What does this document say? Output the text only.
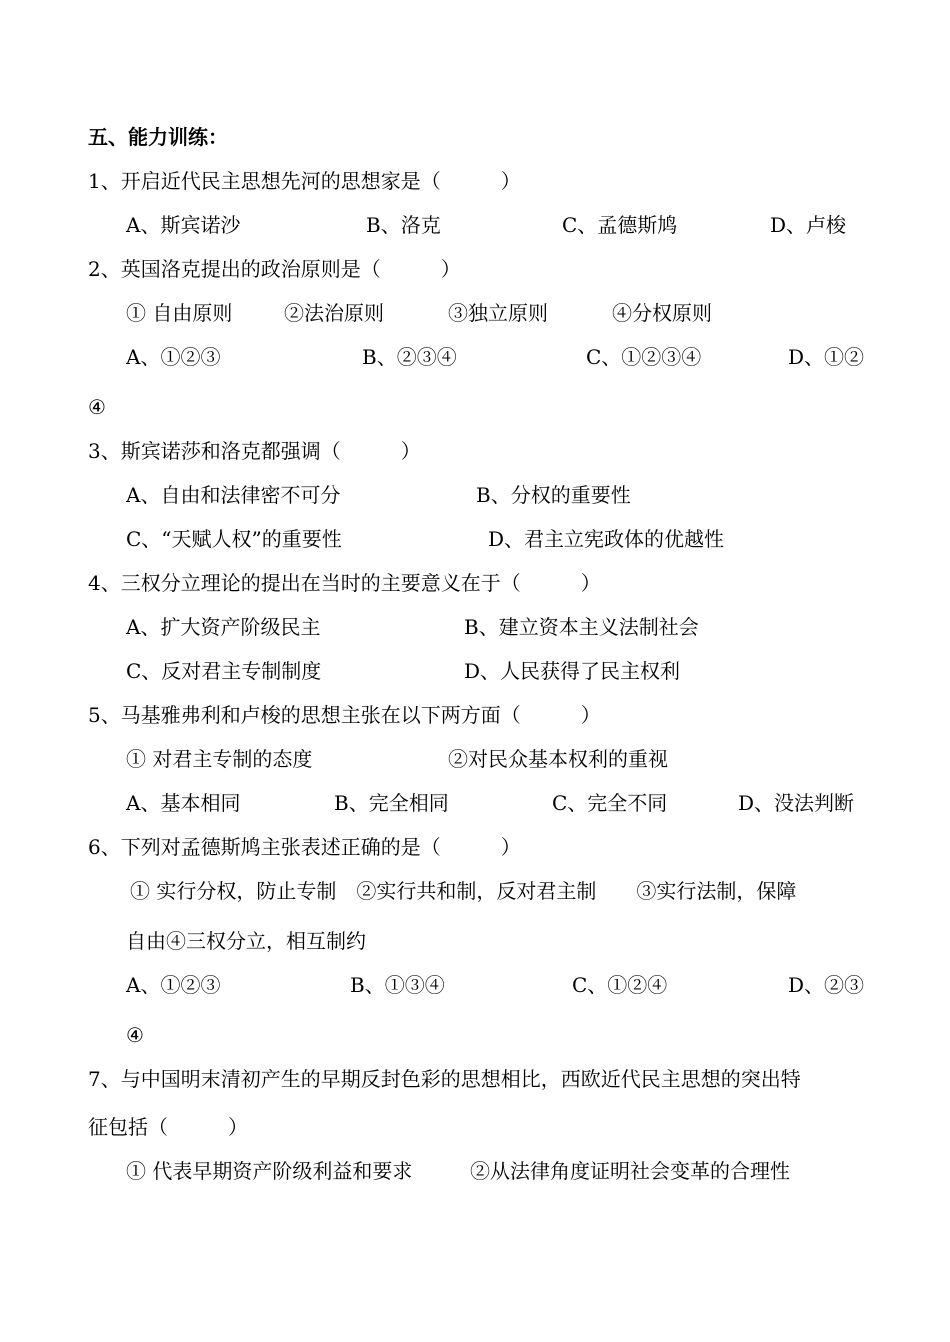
五、能力训练：
1、开启近代民主思想先河的思想家是（　　　）
A、斯宾诺沙	B、洛克	C、孟德斯鸠	D、卢梭
2、英国洛克提出的政治原则是（　　　）
① 自由原则	②法治原则	③独立原则	④分权原则
A、①②③	B、②③④	C、①②③④	D、①②
④
3、斯宾诺莎和洛克都强调（　　　）
A、自由和法律密不可分	B、分权的重要性
C、“天赋人权”的重要性	D、君主立宪政体的优越性
4、三权分立理论的提出在当时的主要意义在于（　　　）
A、扩大资产阶级民主	B、建立资本主义法制社会
C、反对君主专制制度	D、人民获得了民主权利
5、马基雅弗利和卢梭的思想主张在以下两方面（　　　）
① 对君主专制的态度	②对民众基本权利的重视
A、基本相同	B、完全相同	C、完全不同	D、没法判断
6、下列对孟德斯鸠主张表述正确的是（　　　）
① 实行分权，防止专制　②实行共和制，反对君主制　　③实行法制，保障
自由④三权分立，相互制约
A、①②③	B、①③④	C、①②④	D、②③
④
7、与中国明末清初产生的早期反封色彩的思想相比，西欧近代民主思想的突出特
征包括（　　　）
① 代表早期资产阶级利益和要求	②从法律角度证明社会变革的合理性
